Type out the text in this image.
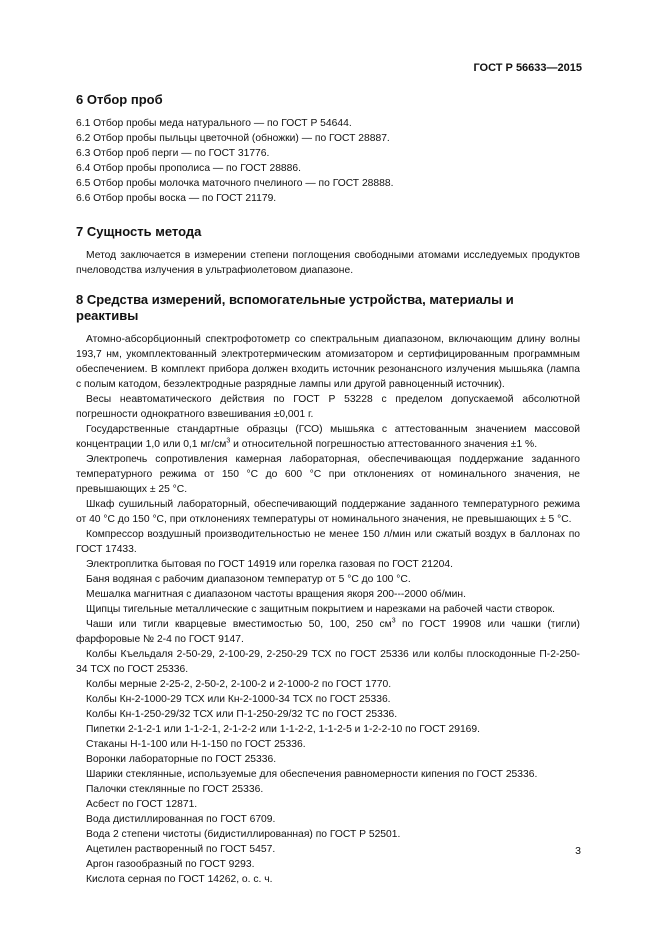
ГОСТ Р 56633—2015
6 Отбор проб

6.1 Отбор пробы меда натурального — по ГОСТ Р 54644.

6.2 Отбор пробы пыльцы цветочной (обножки) — по ГОСТ 28887.

6.3 Отбор проб перги — по ГОСТ 31776.

6.4 Отбор пробы прополиса — по ГОСТ 28886.

6.5 Отбор пробы молочка маточного пчелиного — по ГОСТ 28888.

6.6 Отбор пробы воска — по ГОСТ 21179.

7 Сущность метода

Метод заключается в измерении степени поглощения свободными атомами исследуемых продуктов пчеловодства излучения в ультрафиолетовом диапазоне.

8 Средства измерений, вспомогательные устройства, материалы и реактивы

Атомно-абсорбционный спектрофотометр со спектральным диапазоном, включающим длину волны 193,7 нм, укомплектованный электротермическим атомизатором и сертифицированным программным обеспечением. В комплект прибора должен входить источник резонансного излучения мышьяка (лампа с полым катодом, безэлектродные разрядные лампы или другой равноценный источник).

Весы неавтоматического действия по ГОСТ Р 53228 с пределом допускаемой абсолютной погрешности однократного взвешивания ±0,001 г.

Государственные стандартные образцы (ГСО) мышьяка с аттестованным значением массовой концентрации 1,0 или 0,1 $мг/см^3$ и относительной погрешностью аттестованного значения ±1 %.

Электропечь сопротивления камерная лабораторная, обеспечивающая поддержание заданного температурного режима от 150 °C до 600 °C при отклонениях от номинального значения, не превышающих ± 25 °C.

Шкаф сушильный лабораторный, обеспечивающий поддержание заданного температурного режима от 40 °C до 150 °C, при отклонениях температуры от номинального значения, не превышающих ± 5 °C.

Компрессор воздушный производительностью не менее 150 л/мин или сжатый воздух в баллонах по ГОСТ 17433.

Электроплитка бытовая по ГОСТ 14919 или горелка газовая по ГОСТ 21204.

Баня водяная с рабочим диапазоном температур от 5 °C до 100 °C.

Мешалка магнитная с диапазоном частоты вращения якоря 200---2000 об/мин.

Щипцы тигельные металлические с защитным покрытием и нарезками на рабочей части створок.

Чаши или тигли кварцевые вместимостью 50, 100, 250 $см^3$ по ГОСТ 19908 или чашки (тигли) фарфоровые № 2-4 по ГОСТ 9147.

Колбы Къельдаля 2-50-29, 2-100-29, 2-250-29 ТСХ по ГОСТ 25336 или колбы плоскодонные П-2-250-34 ТСХ по ГОСТ 25336.

Колбы мерные 2-25-2, 2-50-2, 2-100-2 и 2-1000-2 по ГОСТ 1770.

Колбы Кн-2-1000-29 ТСХ или Кн-2-1000-34 ТСХ по ГОСТ 25336.

Колбы Кн-1-250-29/32 ТСХ или П-1-250-29/32 ТС по ГОСТ 25336.

Пипетки 2-1-2-1 или 1-1-2-1, 2-1-2-2 или 1-1-2-2, 1-1-2-5 и 1-2-2-10 по ГОСТ 29169.

Стаканы Н-1-100 или Н-1-150 по ГОСТ 25336.

Воронки лабораторные по ГОСТ 25336.

Шарики стеклянные, используемые для обеспечения равномерности кипения по ГОСТ 25336.

Палочки стеклянные по ГОСТ 25336.

Асбест по ГОСТ 12871.

Вода дистиллированная по ГОСТ 6709.

Вода 2 степени чистоты (бидистиллированная) по ГОСТ Р 52501.

Ацетилен растворенный по ГОСТ 5457.

Аргон газообразный по ГОСТ 9293.

Кислота серная по ГОСТ 14262, о. с. ч.

3
